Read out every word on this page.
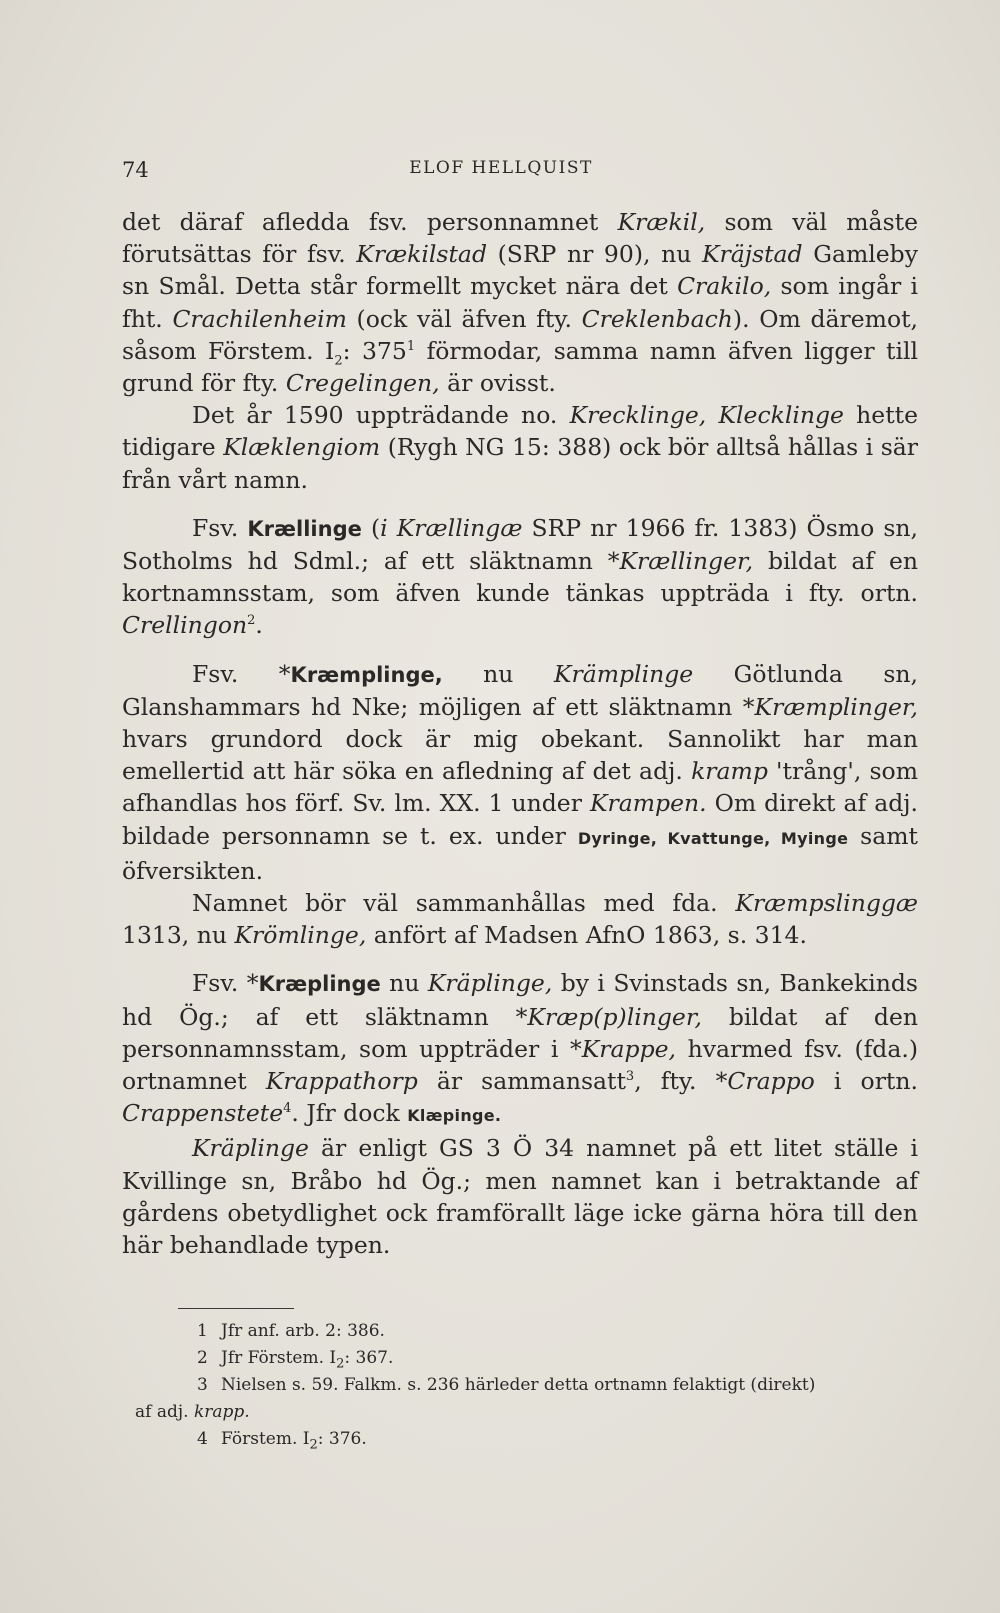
74	ELOF HELLQUIST

det däraf afledda fsv. personnamnet Krækil, som väl måste förutsättas för fsv. Krækilstad (SRP nr 90), nu Kräjstad Gamleby sn Smål. Detta står formellt mycket nära det Crakilo, som ingår i fht. Crachilenheim (ock väl äfven fty. Creklenbach). Om däremot, såsom Förstem. $I_2$: $375^1$ förmodar, samma namn äfven ligger till grund för fty. Cregelingen, är ovisst.

Det år 1590 uppträdande no. Krecklinge, Klecklinge hette tidigare Klæklengiom (Rygh NG 15: 388) ock bör alltså hållas i sär från vårt namn.

Fsv. Krællinge (i Krællingæ SRP nr 1966 fr. 1383) Ösmo sn, Sotholms hd Sdml.; af ett släktnamn *Krællinger, bildat af en kortnamnsstam, som äfven kunde tänkas uppträda i fty. ortn. Crellingon$^2$.

Fsv. *Kræmplinge, nu Krämplinge Götlunda sn, Glanshammars hd Nke; möjligen af ett släktnamn *Kræmplinger, hvars grundord dock är mig obekant. Sannolikt har man emellertid att här söka en afledning af det adj. kramp 'trång', som afhandlas hos förf. Sv. lm. XX. 1 under Krampen. Om direkt af adj. bildade personnamn se t. ex. under Dyringe, Kvattunge, Myinge samt öfversikten.

Namnet bör väl sammanhållas med fda. Kræmpslinggæ 1313, nu Krömlinge, anfört af Madsen AfnO 1863, s. 314.

Fsv. *Kræplinge nu Kräplinge, by i Svinstads sn, Bankekinds hd Ög.; af ett släktnamn *Kræp(p)linger, bildat af den personnamnsstam, som uppträder i *Krappe, hvarmed fsv. (fda.) ortnamnet Krappathorp är sammansatt$^3$, fty. *Crappo i ortn. Crappenstete$^4$. Jfr dock Klæpinge.

Kräplinge är enligt GS 3 Ö 34 namnet på ett litet ställe i Kvillinge sn, Bråbo hd Ög.; men namnet kan i betraktande af gårdens obetydlighet ock framförallt läge icke gärna höra till den här behandlade typen.

1 Jfr anf. arb. 2: 386.

2 Jfr Förstem. $I_2$: 367.

3 Nielsen s. 59. Falkm. s. 236 härleder detta ortnamn felaktigt (direkt)

af adj. krapp.

4 Förstem. $I_2$: 376.
